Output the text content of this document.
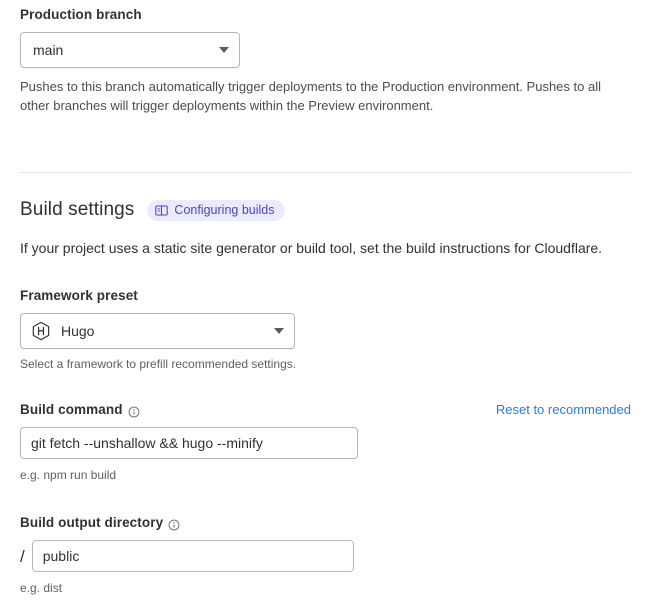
Production branch
main
Pushes to this branch automatically trigger deployments to the Production environment. Pushes to all other branches will trigger deployments within the Preview environment.
Build settings	Configuring builds
If your project uses a static site generator or build tool, set the build instructions for Cloudflare.
Framework preset
Hugo
Select a framework to prefill recommended settings.
Build command	Reset to recommended
git fetch --unshallow && hugo --minify
e.g. npm run build
Build output directory
/
public
e.g. dist
